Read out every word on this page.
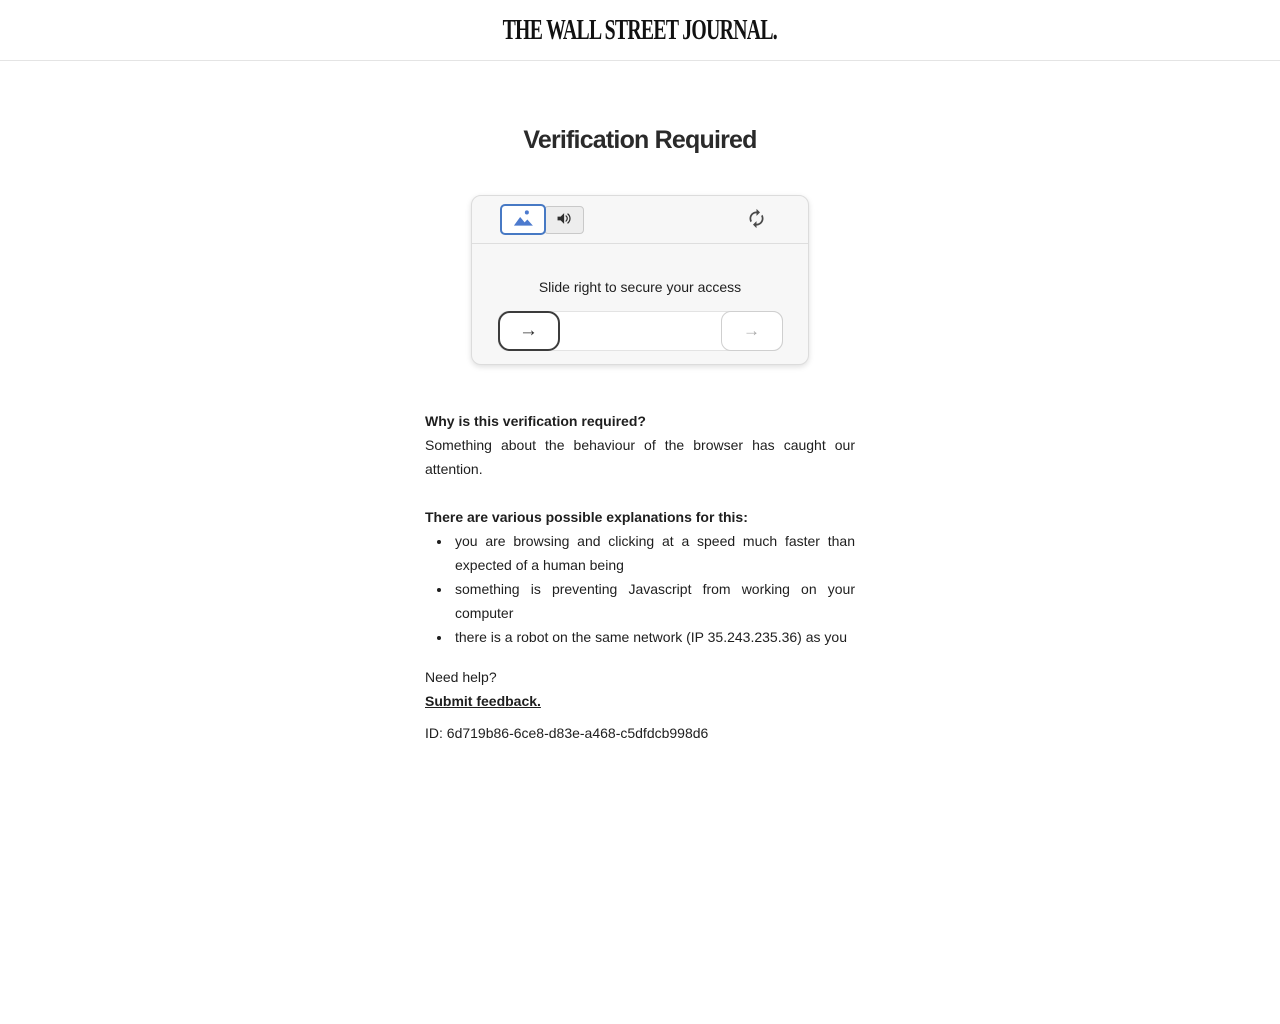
THE WALL STREET JOURNAL.
Verification Required
Slide right to secure your access
→	→

Why is this verification required?

Something about the behaviour of the browser has caught our attention.

There are various possible explanations for this:

• you are browsing and clicking at a speed much faster than expected of a human being
• something is preventing Javascript from working on your computer
• there is a robot on the same network (IP 35.243.235.36) as you

Need help?

Submit feedback.

ID: 6d719b86-6ce8-d83e-a468-c5dfdcb998d6
